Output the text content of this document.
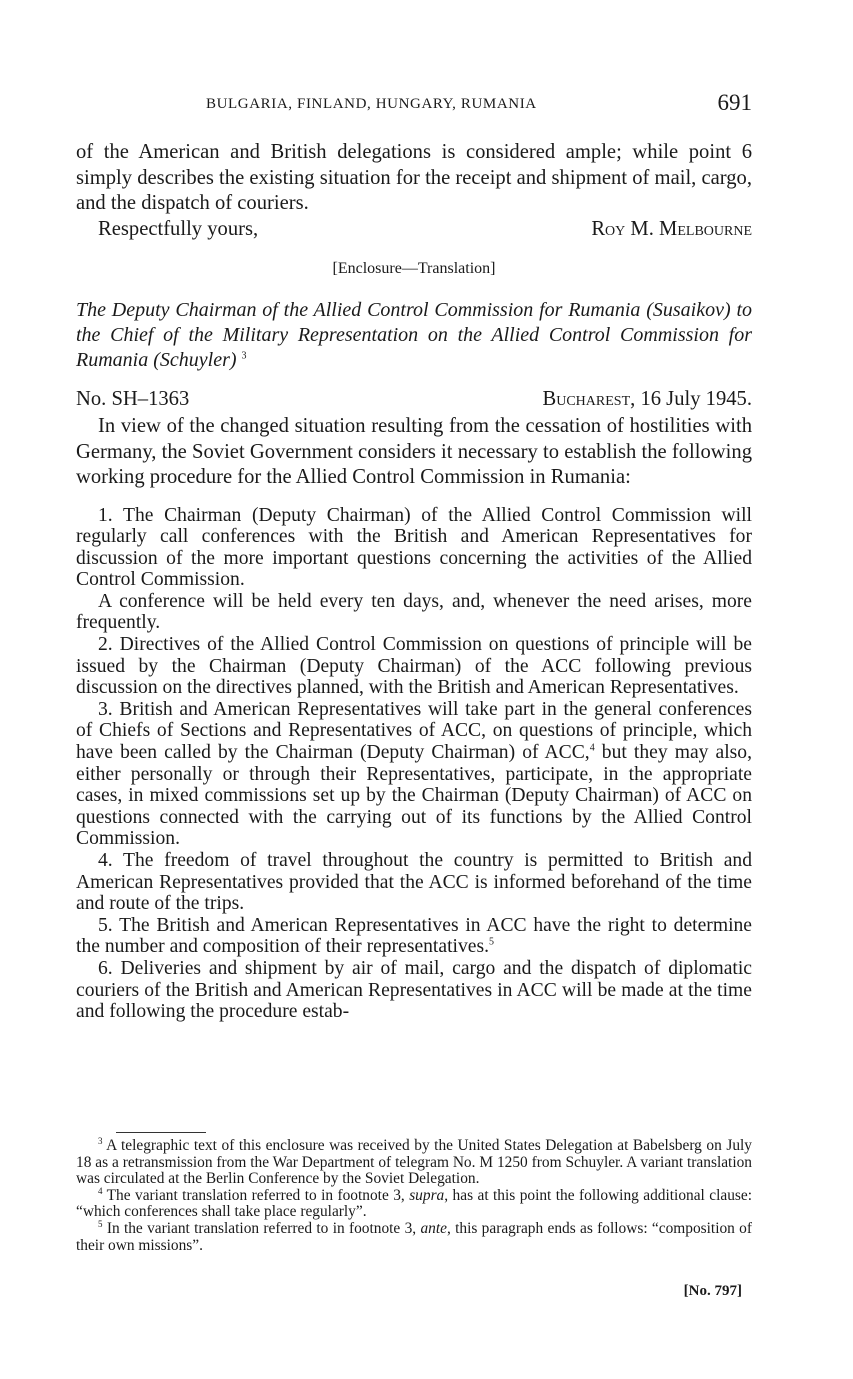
BULGARIA, FINLAND, HUNGARY, RUMANIA	691

of the American and British delegations is considered ample; while point 6 simply describes the existing situation for the receipt and shipment of mail, cargo, and the dispatch of couriers.

Respectfully yours,	Roy M. Melbourne

[Enclosure—Translation]

The Deputy Chairman of the Allied Control Commission for Rumania (Susaikov) to the Chief of the Military Representation on the Allied Control Commission for Rumania (Schuyler) $^3$

No. SH–1363	Bucharest, 16 July 1945.

In view of the changed situation resulting from the cessation of hostilities with Germany, the Soviet Government considers it necessary to establish the following working procedure for the Allied Control Commission in Rumania:

1. The Chairman (Deputy Chairman) of the Allied Control Commission will regularly call conferences with the British and American Representatives for discussion of the more important questions concerning the activities of the Allied Control Commission.

A conference will be held every ten days, and, whenever the need arises, more frequently.

2. Directives of the Allied Control Commission on questions of principle will be issued by the Chairman (Deputy Chairman) of the ACC following previous discussion on the directives planned, with the British and American Representatives.

3. British and American Representatives will take part in the general conferences of Chiefs of Sections and Representatives of ACC, on questions of principle, which have been called by the Chairman (Deputy Chairman) of ACC,$^4$ but they may also, either personally or through their Representatives, participate, in the appropriate cases, in mixed commissions set up by the Chairman (Deputy Chairman) of ACC on questions connected with the carrying out of its functions by the Allied Control Commission.

4. The freedom of travel throughout the country is permitted to British and American Representatives provided that the ACC is informed beforehand of the time and route of the trips.

5. The British and American Representatives in ACC have the right to determine the number and composition of their representatives.$^5$

6. Deliveries and shipment by air of mail, cargo and the dispatch of diplomatic couriers of the British and American Representatives in ACC will be made at the time and following the procedure estab-

$^3$ A telegraphic text of this enclosure was received by the United States Delegation at Babelsberg on July 18 as a retransmission from the War Department of telegram No. M 1250 from Schuyler. A variant translation was circulated at the Berlin Conference by the Soviet Delegation.

$^4$ The variant translation referred to in footnote 3, supra, has at this point the following additional clause: “which conferences shall take place regularly”.

$^5$ In the variant translation referred to in footnote 3, ante, this paragraph ends as follows: “composition of their own missions”.

[No. 797]
